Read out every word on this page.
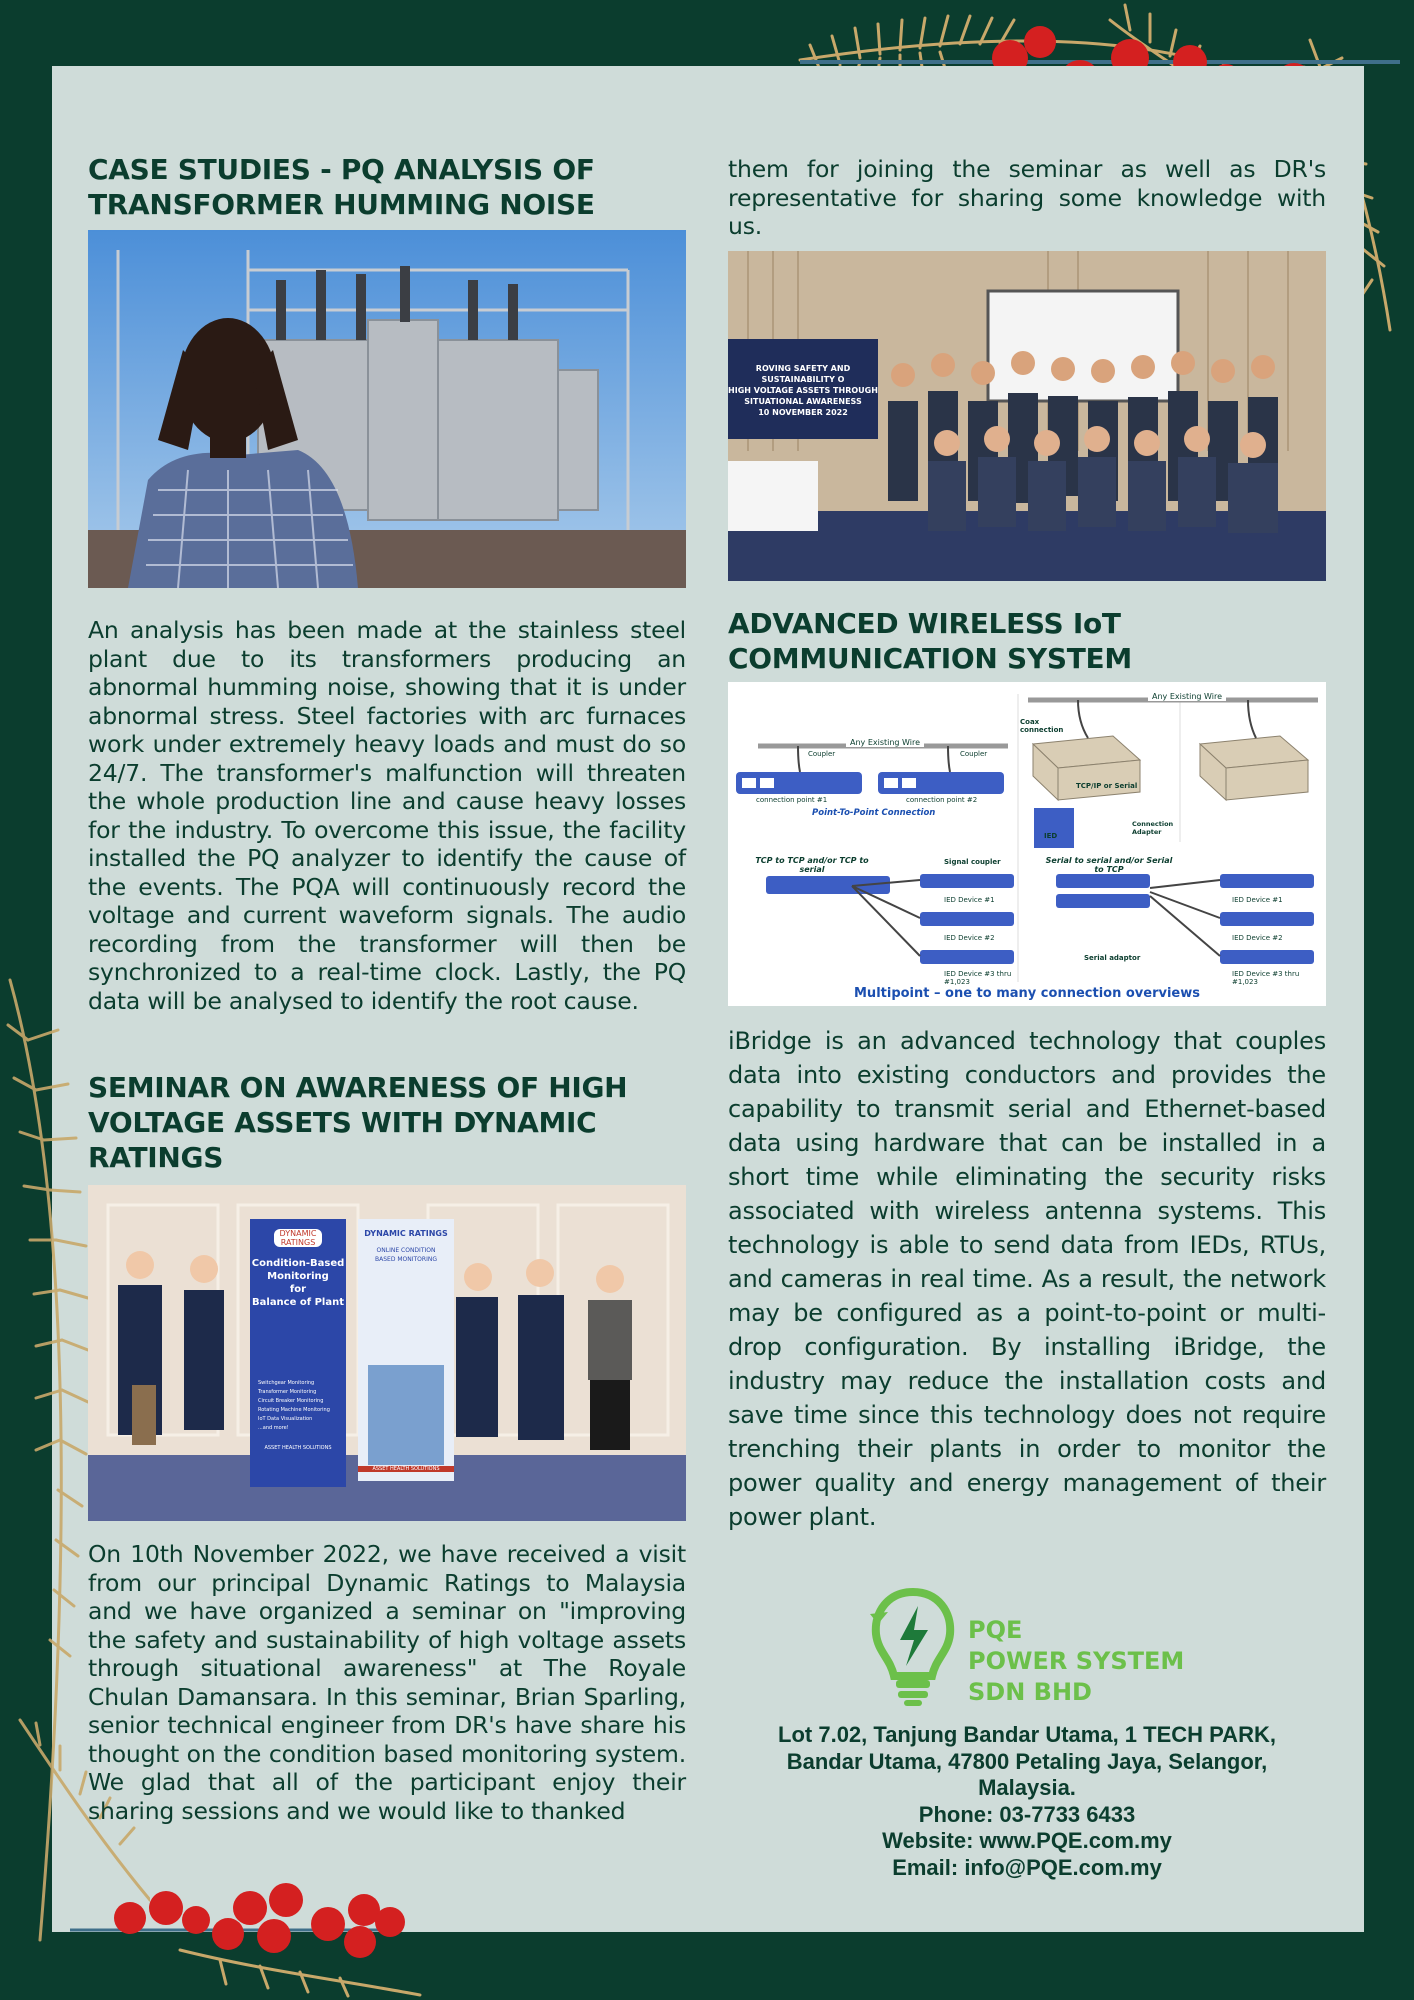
CASE STUDIES - PQ ANALYSIS OF TRANSFORMER HUMMING NOISE

An analysis has been made at the stainless steel plant due to its transformers producing an abnormal humming noise, showing that it is under abnormal stress. Steel factories with arc furnaces work under extremely heavy loads and must do so 24/7. The transformer's malfunction will threaten the whole production line and cause heavy losses for the industry. To overcome this issue, the facility installed the PQ analyzer to identify the cause of the events. The PQA will continuously record the voltage and current waveform signals. The audio recording from the transformer will then be synchronized to a real-time clock. Lastly, the PQ data will be analysed to identify the root cause.

SEMINAR ON AWARENESS OF HIGH VOLTAGE ASSETS WITH DYNAMIC RATINGS
DYNAMIC RATINGS
Condition-Based
Monitoring
for
Balance of Plant
Switchgear Monitoring
Transformer Monitoring
Circuit Breaker Monitoring
Rotating Machine Monitoring
IoT Data Visualization
...and more!
ASSET HEALTH SOLUTIONS
DYNAMIC RATINGS
ONLINE CONDITION
BASED MONITORING
ASSET HEALTH SOLUTIONS

On 10th November 2022, we have received a visit from our principal Dynamic Ratings to Malaysia and we have organized a seminar on "improving the safety and sustainability of high voltage assets through situational awareness" at The Royale Chulan Damansara. In this seminar, Brian Sparling, senior technical engineer from DR's have share his thought on the condition based monitoring system. We glad that all of the participant enjoy their sharing sessions and we would like to thanked

them for joining the seminar as well as DR's representative for sharing some knowledge with us.

ROVING SAFETY AND SUSTAINABILITY O
HIGH VOLTAGE ASSETS THROUGH
SITUATIONAL AWARENESS
10 NOVEMBER 2022
ADVANCED WIRELESS IoT COMMUNICATION SYSTEM
Any Existing Wire
Any Existing Wire
Coupler	Coupler
connection point #1	connection point #2
Point-To-Point Connection
Coax connection
TCP/IP or Serial
IED
Connection Adapter
TCP to TCP and/or TCP to serial
Serial to serial and/or Serial to TCP
Signal coupler
IED Device #1
IED Device #2
IED Device #3 thru #1,023
IED Device #1
IED Device #2
IED Device #3 thru #1,023
Serial adaptor
Multipoint – one to many connection overviews

iBridge is an advanced technology that couples data into existing conductors and provides the capability to transmit serial and Ethernet-based data using hardware that can be installed in a short time while eliminating the security risks associated with wireless antenna systems. This technology is able to send data from IEDs, RTUs, and cameras in real time. As a result, the network may be configured as a point-to-point or multi-drop configuration. By installing iBridge, the industry may reduce the installation costs and save time since this technology does not require trenching their plants in order to monitor the power quality and energy management of their power plant.

PQE
POWER SYSTEM
SDN BHD
Lot 7.02, Tanjung Bandar Utama, 1 TECH PARK,
Bandar Utama, 47800 Petaling Jaya, Selangor,
Malaysia.
Phone: 03-7733 6433
Website: www.PQE.com.my
Email: info@PQE.com.my
